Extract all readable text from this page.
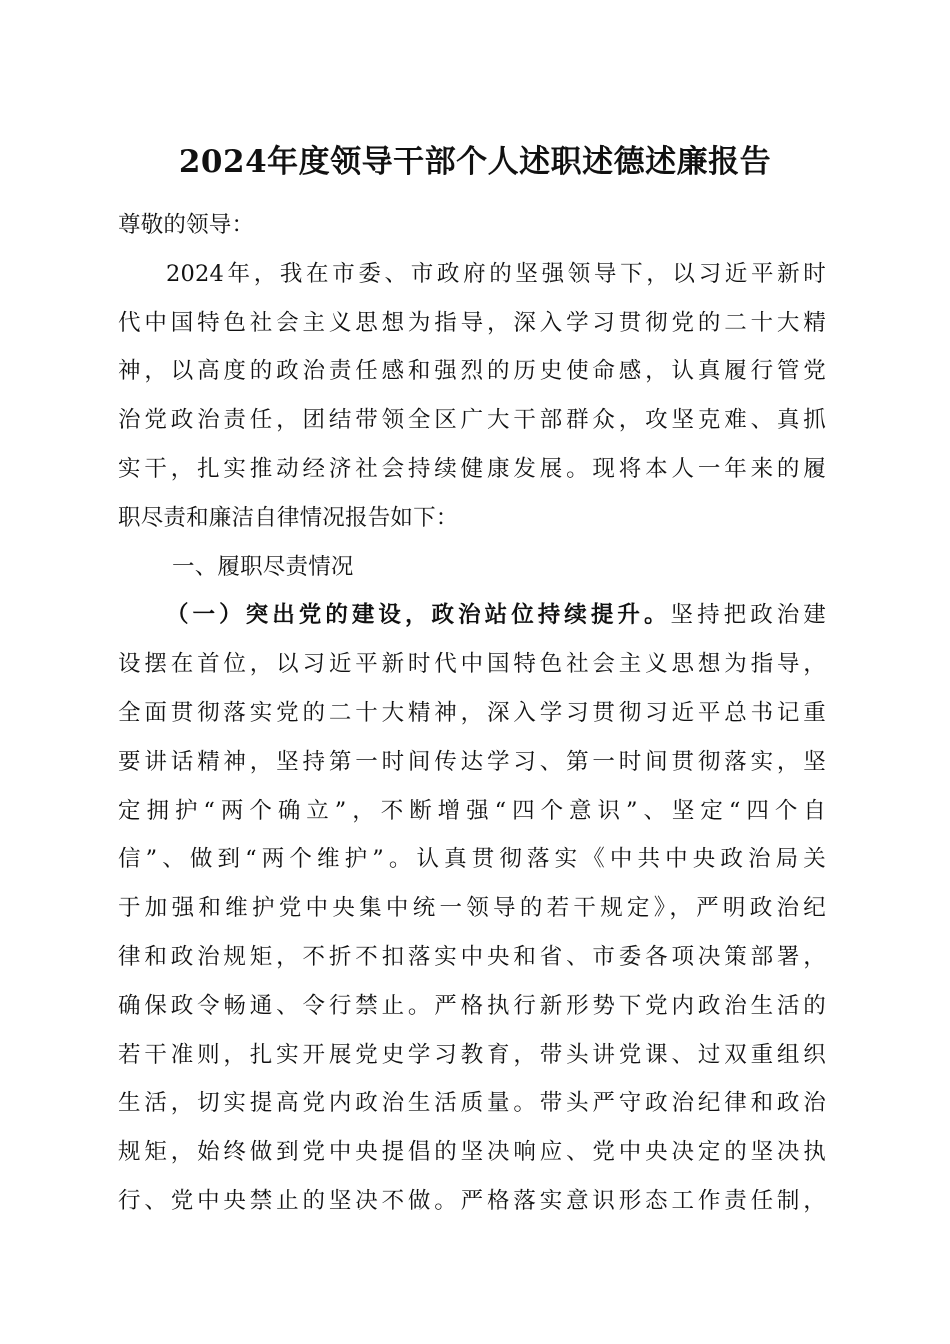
2024年度领导干部个人述职述德述廉报告
尊敬的领导：
2024年，我在市委、市政府的坚强领导下，以习近平新时
代中国特色社会主义思想为指导，深入学习贯彻党的二十大精
神，以高度的政治责任感和强烈的历史使命感，认真履行管党
治党政治责任，团结带领全区广大干部群众，攻坚克难、真抓
实干，扎实推动经济社会持续健康发展。现将本人一年来的履
职尽责和廉洁自律情况报告如下：
一、履职尽责情况
（一）突出党的建设，政治站位持续提升。坚持把政治建
设摆在首位，以习近平新时代中国特色社会主义思想为指导，
全面贯彻落实党的二十大精神，深入学习贯彻习近平总书记重
要讲话精神，坚持第一时间传达学习、第一时间贯彻落实，坚
定拥护“两个确立”，不断增强“四个意识”、坚定“四个自
信”、做到“两个维护”。认真贯彻落实《中共中央政治局关
于加强和维护党中央集中统一领导的若干规定》，严明政治纪
律和政治规矩，不折不扣落实中央和省、市委各项决策部署，
确保政令畅通、令行禁止。严格执行新形势下党内政治生活的
若干准则，扎实开展党史学习教育，带头讲党课、过双重组织
生活，切实提高党内政治生活质量。带头严守政治纪律和政治
规矩，始终做到党中央提倡的坚决响应、党中央决定的坚决执
行、党中央禁止的坚决不做。严格落实意识形态工作责任制，
